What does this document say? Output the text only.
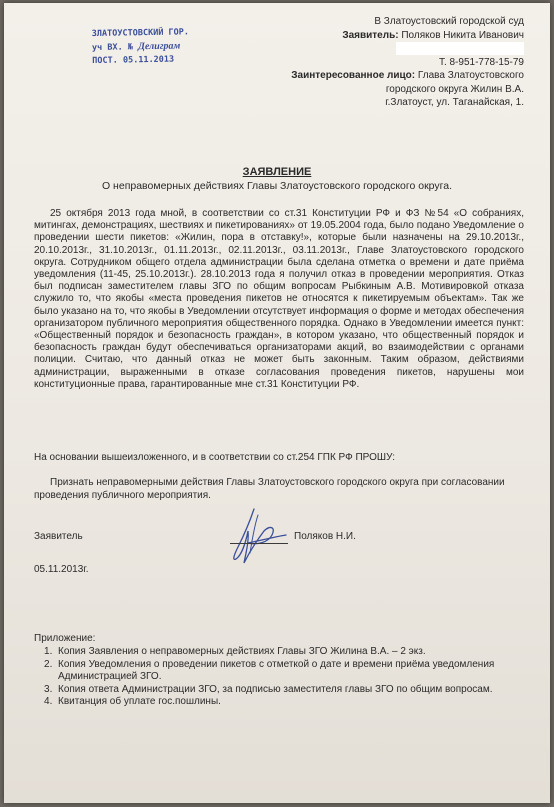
ЗЛАТОУСТОВСКИЙ ГОР.
уч ВХ. № Делиграм
ПОСТ. 05.11.2013
В Златоустовский городской суд
Заявитель: Поляков Никита Иванович
Т. 8-951-778-15-79
Заинтересованное лицо: Глава Златоустовского
городского округа Жилин В.А.
г.Златоуст, ул. Таганайская, 1.
ЗАЯВЛЕНИЕ
О неправомерных действиях Главы Златоустовского городского округа.

25 октября 2013 года мной, в соответствии со ст.31 Конституции РФ и ФЗ №54 «О собраниях, митингах, демонстрациях, шествиях и пикетированиях» от 19.05.2004 года, было подано Уведомление о проведении шести пикетов: «Жилин, пора в отставку!», которые были назначены на 29.10.2013г., 20.10.2013г., 31.10.2013г., 01.11.2013г., 02.11.2013г., 03.11.2013г., Главе Златоустовского городского округа. Сотрудником общего отдела администрации была сделана отметка о времени и дате приёма уведомления (11-45, 25.10.2013г.). 28.10.2013 года я получил отказ в проведении мероприятия. Отказ был подписан заместителем главы ЗГО по общим вопросам Рыбкиным А.В. Мотивировкой отказа служило то, что якобы «места проведения пикетов не относятся к пикетируемым объектам». Так же было указано на то, что якобы в Уведомлении отсутствует информация о форме и методах обеспечения организатором публичного мероприятия общественного порядка. Однако в Уведомлении имеется пункт: «Общественный порядок и безопасность граждан», в котором указано, что общественный порядок и безопасность граждан будут обеспечиваться организаторами акций, во взаимодействии с органами полиции. Считаю, что данный отказ не может быть законным. Таким образом, действиями администрации, выраженными в отказе согласования проведения пикетов, нарушены мои конституционные права, гарантированные мне ст.31 Конституции РФ.

На основании вышеизложенного, и в соответствии со ст.254 ГПК РФ ПРОШУ:
Признать неправомерными действия Главы Златоустовского городского округа при согласовании проведения публичного мероприятия.
Заявитель	Поляков Н.И.
05.11.2013г.
Приложение:
Копия Заявления о неправомерных действиях Главы ЗГО Жилина В.А. – 2 экз.
Копия Уведомления о проведении пикетов с отметкой о дате и времени приёма уведомления Администрацией ЗГО.
Копия ответа Администрации ЗГО, за подписью заместителя главы ЗГО по общим вопросам.
Квитанция об уплате гос.пошлины.
